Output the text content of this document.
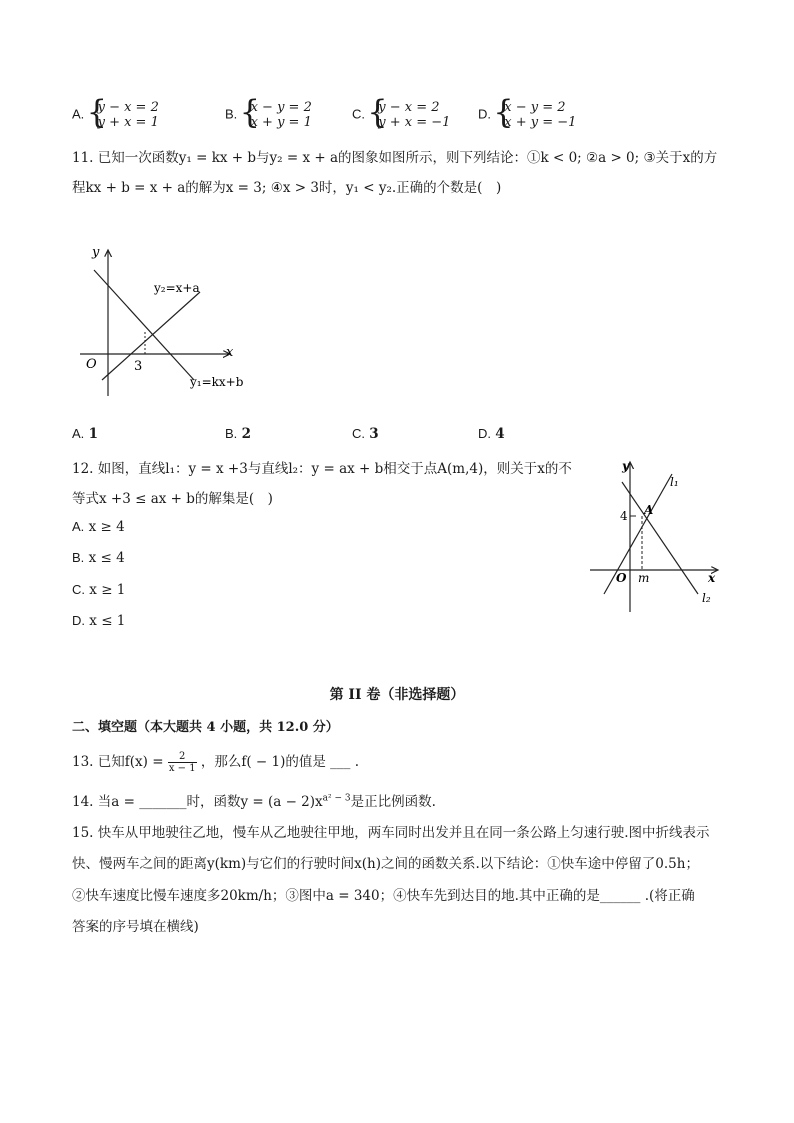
A. { y − x = 2
y + x = 1
B. { x − y = 2
x + y = 1
C. { y − x = 2
y + x = −1
D. { x − y = 2
x + y = −1
11. 已知一次函数y₁ = kx + b与y₂ = x + a的图象如图所示，则下列结论：①k < 0; ②a > 0; ③关于x的方
程kx + b = x + a的解为x = 3; ④x > 3时，y₁ < y₂.正确的个数是(　)
y
x
O	3
y₂=x+a
y₁=kx+b
A. 1	B. 2	C. 3	D. 4
12. 如图，直线l₁：y = x +3与直线l₂：y = ax + b相交于点A(m,4)，则关于x的不
等式x +3 ≤ ax + b的解集是(　)
A. x ≥ 4
B. x ≤ 4
C. x ≥ 1
D. x ≤ 1
y
x
O
4
m
A
l₁
l₂
第 II 卷（非选择题）
二、填空题（本大题共 4 小题，共 12.0 分）
13. 已知$f(x) = \frac{2}{x - 1}$ ，那么f( − 1)的值是 ___ .
14. 当a = _______时，函数$y = (a - 2)x^{a^2 - 3}$是正比例函数.
15. 快车从甲地驶往乙地，慢车从乙地驶往甲地，两车同时出发并且在同一条公路上匀速行驶.图中折线表示
快、慢两车之间的距离y(km)与它们的行驶时间x(h)之间的函数关系.以下结论：①快车途中停留了0.5h；
②快车速度比慢车速度多20km/h；③图中a = 340；④快车先到达目的地.其中正确的是______ .(将正确
答案的序号填在横线)
